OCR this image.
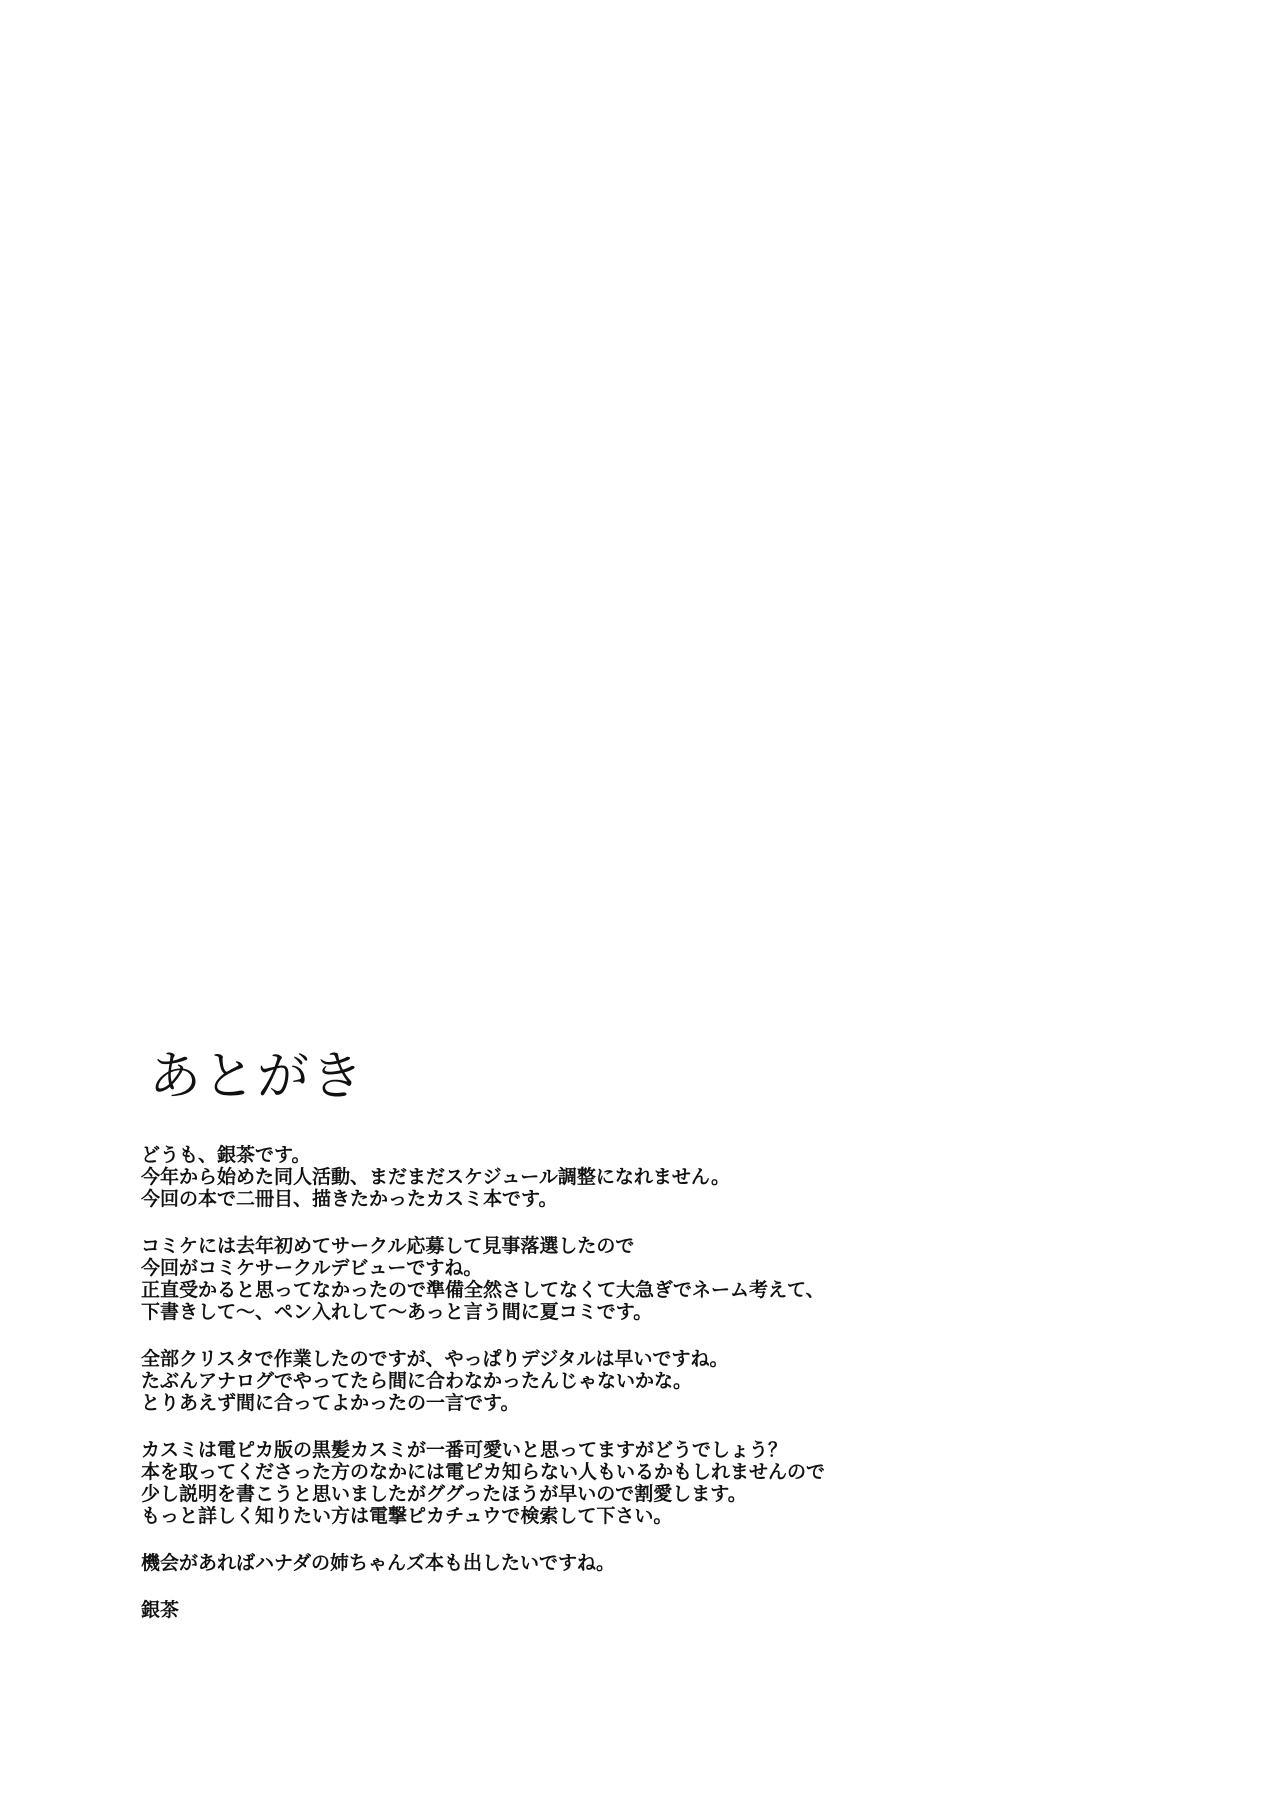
あとがき
どうも、銀茶です。
今年から始めた同人活動、まだまだスケジュール調整になれません。
今回の本で二冊目、描きたかったカスミ本です。
コミケには去年初めてサークル応募して見事落選したので
今回がコミケサークルデビューですね。
正直受かると思ってなかったので準備全然さしてなくて大急ぎでネーム考えて、
下書きして〜、ペン入れして〜あっと言う間に夏コミです。
全部クリスタで作業したのですが、やっぱりデジタルは早いですね。
たぶんアナログでやってたら間に合わなかったんじゃないかな。
とりあえず間に合ってよかったの一言です。
カスミは電ピカ版の黒髪カスミが一番可愛いと思ってますがどうでしょう？
本を取ってくださった方のなかには電ピカ知らない人もいるかもしれませんので
少し説明を書こうと思いましたがググったほうが早いので割愛します。
もっと詳しく知りたい方は電撃ピカチュウで検索して下さい。
機会があればハナダの姉ちゃんズ本も出したいですね。
銀茶
